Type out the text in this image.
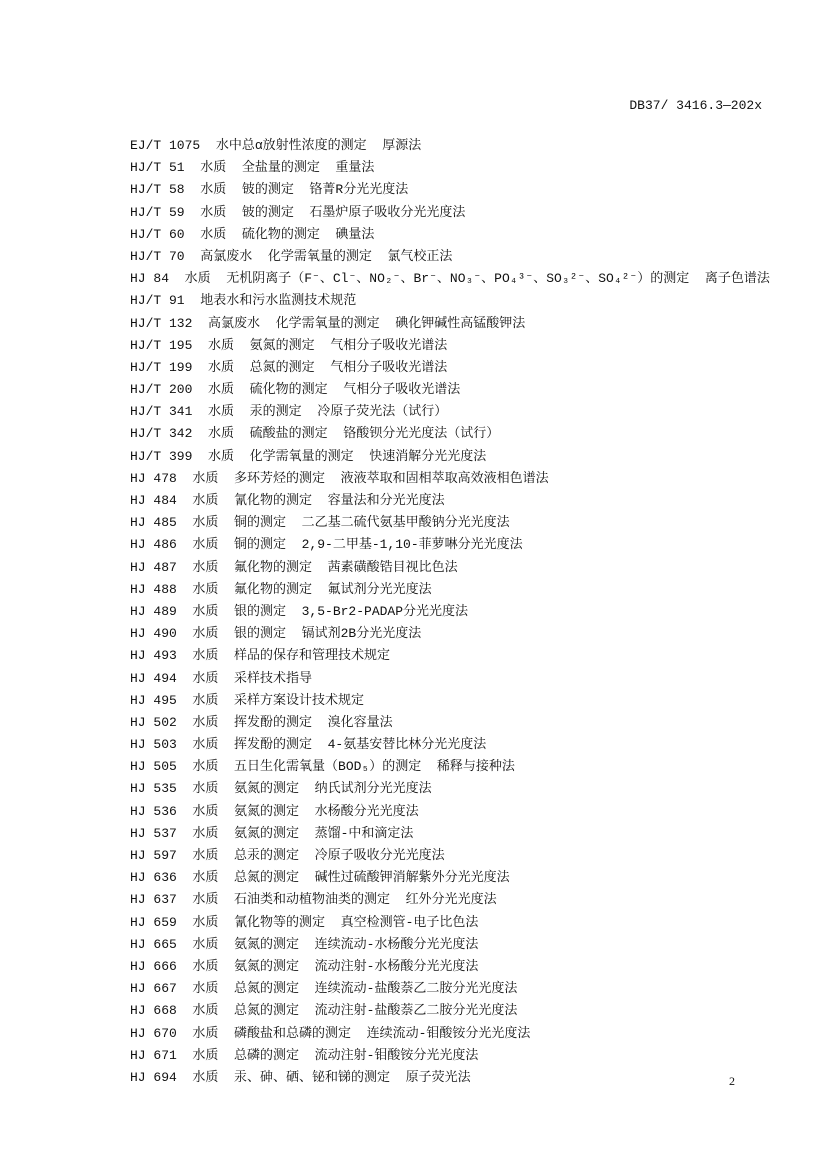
DB37/ 3416.3—202x
EJ/T 1075  水中总α放射性浓度的测定  厚源法
HJ/T 51  水质  全盐量的测定  重量法
HJ/T 58  水质  铍的测定  铬菁R分光光度法
HJ/T 59  水质  铍的测定  石墨炉原子吸收分光光度法
HJ/T 60  水质  硫化物的测定  碘量法
HJ/T 70  高氯废水  化学需氧量的测定  氯气校正法
HJ 84  水质  无机阴离子（F⁻、Cl⁻、NO₂⁻、Br⁻、NO₃⁻、PO₄³⁻、SO₃²⁻、SO₄²⁻）的测定  离子色谱法
HJ/T 91  地表水和污水监测技术规范
HJ/T 132  高氯废水  化学需氧量的测定  碘化钾碱性高锰酸钾法
HJ/T 195  水质  氨氮的测定  气相分子吸收光谱法
HJ/T 199  水质  总氮的测定  气相分子吸收光谱法
HJ/T 200  水质  硫化物的测定  气相分子吸收光谱法
HJ/T 341  水质  汞的测定  冷原子荧光法（试行）
HJ/T 342  水质  硫酸盐的测定  铬酸钡分光光度法（试行）
HJ/T 399  水质  化学需氧量的测定  快速消解分光光度法
HJ 478  水质  多环芳烃的测定  液液萃取和固相萃取高效液相色谱法
HJ 484  水质  氰化物的测定  容量法和分光光度法
HJ 485  水质  铜的测定  二乙基二硫代氨基甲酸钠分光光度法
HJ 486  水质  铜的测定  2,9-二甲基-1,10-菲萝啉分光光度法
HJ 487  水质  氟化物的测定  茜素磺酸锆目视比色法
HJ 488  水质  氟化物的测定  氟试剂分光光度法
HJ 489  水质  银的测定  3,5-Br2-PADAP分光光度法
HJ 490  水质  银的测定  镉试剂2B分光光度法
HJ 493  水质  样品的保存和管理技术规定
HJ 494  水质  采样技术指导
HJ 495  水质  采样方案设计技术规定
HJ 502  水质  挥发酚的测定  溴化容量法
HJ 503  水质  挥发酚的测定  4-氨基安替比林分光光度法
HJ 505  水质  五日生化需氧量（BOD₅）的测定  稀释与接种法
HJ 535  水质  氨氮的测定  纳氏试剂分光光度法
HJ 536  水质  氨氮的测定  水杨酸分光光度法
HJ 537  水质  氨氮的测定  蒸馏-中和滴定法
HJ 597  水质  总汞的测定  冷原子吸收分光光度法
HJ 636  水质  总氮的测定  碱性过硫酸钾消解紫外分光光度法
HJ 637  水质  石油类和动植物油类的测定  红外分光光度法
HJ 659  水质  氰化物等的测定  真空检测管-电子比色法
HJ 665  水质  氨氮的测定  连续流动-水杨酸分光光度法
HJ 666  水质  氨氮的测定  流动注射-水杨酸分光光度法
HJ 667  水质  总氮的测定  连续流动-盐酸萘乙二胺分光光度法
HJ 668  水质  总氮的测定  流动注射-盐酸萘乙二胺分光光度法
HJ 670  水质  磷酸盐和总磷的测定  连续流动-钼酸铵分光光度法
HJ 671  水质  总磷的测定  流动注射-钼酸铵分光光度法
HJ 694  水质  汞、砷、硒、铋和锑的测定  原子荧光法	2
